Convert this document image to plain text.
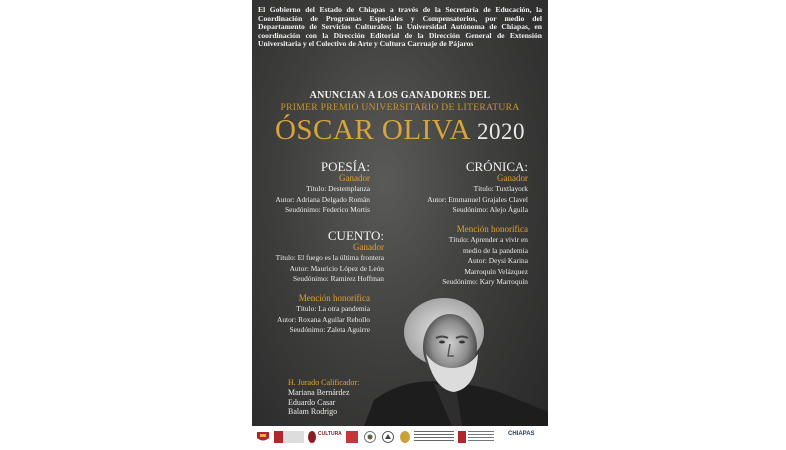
El Gobierno del Estado de Chiapas a través de la Secretaría de Educación, la Coordinación de Programas Especiales y Compensatorios, por medio del Departamento de Servicios Culturales; la Universidad Autónoma de Chiapas, en coordinación con la Dirección Editorial de la Dirección General de Extensión Universitaria y el Colectivo de Arte y Cultura Carruaje de Pájaros
ANUNCIAN A LOS GANADORES DEL
PRIMER PREMIO UNIVERSITARIO DE LITERATURA
ÓSCAR OLIVA 2020
POESÍA:
Ganador
Título: Destemplanza
Autor: Adriana Delgado Román
Seudónimo: Federico Mortis
CUENTO:
Ganador
Título: El fuego es la última frontera
Autor: Mauricio López de León
Seudónimo: Ramirez Hoffman
Mención honorífica
Título: La otra pandemia
Autor: Roxana Aguilar Rebollo
Seudónimo: Zaleta Aguirre
CRÓNICA:
Ganador
Título: Tuxtlayork
Autor: Emmanuel Grajales Clavel
Seudónimo: Alejo Águila
Mención honorífica
Título: Aprender a vivir en
medio de la pandemia
Autor: Deysi Karina
Marroquín Velázquez
Seudónimo: Kary Marroquín
H. Jurado Calificador:
Mariana Bernárdez
Eduardo Casar
Balam Rodrigo
CULTURA	CHIAPAS
